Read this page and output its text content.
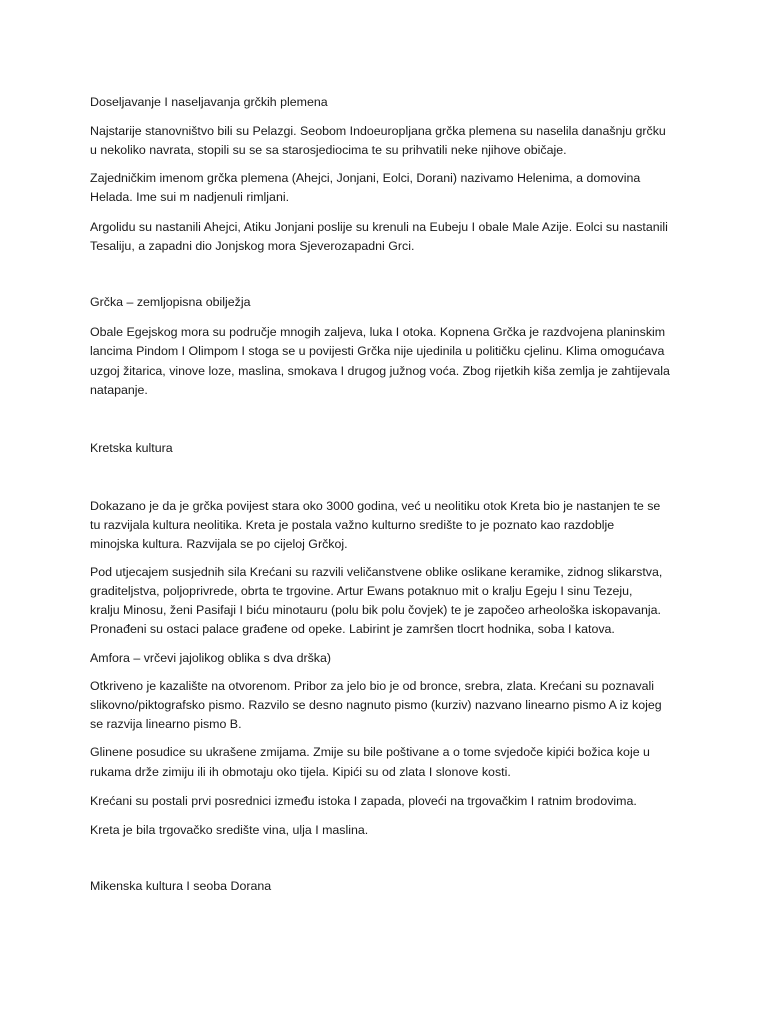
Doseljavanje I naseljavanja grčkih plemena

Najstarije stanovništvo bili su Pelazgi. Seobom Indoeuropljana grčka plemena su naselila današnju grčku

u nekoliko navrata, stopili su se sa starosjediocima te su prihvatili neke njihove običaje.

Zajedničkim imenom grčka plemena (Ahejci, Jonjani, Eolci, Dorani) nazivamo Helenima, a domovina

Helada. Ime sui m nadjenuli rimljani.

Argolidu su nastanili Ahejci, Atiku Jonjani poslije su krenuli na Eubeju I obale Male Azije. Eolci su nastanili

Tesaliju, a zapadni dio Jonjskog mora Sjeverozapadni Grci.

Grčka – zemljopisna obilježja

Obale Egejskog mora su područje mnogih zaljeva, luka I otoka. Kopnena Grčka je razdvojena planinskim

lancima Pindom I Olimpom I stoga se u povijesti Grčka nije ujedinila u političku cjelinu. Klima omogućava

uzgoj žitarica, vinove loze, maslina, smokava I drugog južnog voća. Zbog rijetkih kiša zemlja je zahtijevala

natapanje.

Kretska kultura

Dokazano je da je grčka povijest stara oko 3000 godina, već u neolitiku otok Kreta bio je nastanjen te se

tu razvijala kultura neolitika. Kreta je postala važno kulturno središte to je poznato kao razdoblje

minojska kultura. Razvijala se po cijeloj Grčkoj.

Pod utjecajem susjednih sila Krećani su razvili veličanstvene oblike oslikane keramike, zidnog slikarstva,

graditeljstva, poljoprivrede, obrta te trgovine. Artur Ewans potaknuo mit o kralju Egeju I sinu Tezeju,

kralju Minosu, ženi Pasifaji I biću minotauru (polu bik polu čovjek) te je započeo arheološka iskopavanja.

Pronađeni su ostaci palace građene od opeke. Labirint je zamršen tlocrt hodnika, soba I katova.

Amfora – vrčevi jajolikog oblika s dva drška)

Otkriveno je kazalište na otvorenom. Pribor za jelo bio je od bronce, srebra, zlata. Krećani su poznavali

slikovno/piktografsko pismo. Razvilo se desno nagnuto pismo (kurziv) nazvano linearno pismo A iz kojeg

se razvija linearno pismo B.

Glinene posudice su ukrašene zmijama. Zmije su bile poštivane a o tome svjedoče kipići božica koje u

rukama drže zimiju ili ih obmotaju oko tijela. Kipići su od zlata I slonove kosti.

Krećani su postali prvi posrednici između istoka I zapada, ploveći na trgovačkim I ratnim brodovima.

Kreta je bila trgovačko središte vina, ulja I maslina.

Mikenska kultura I seoba Dorana
